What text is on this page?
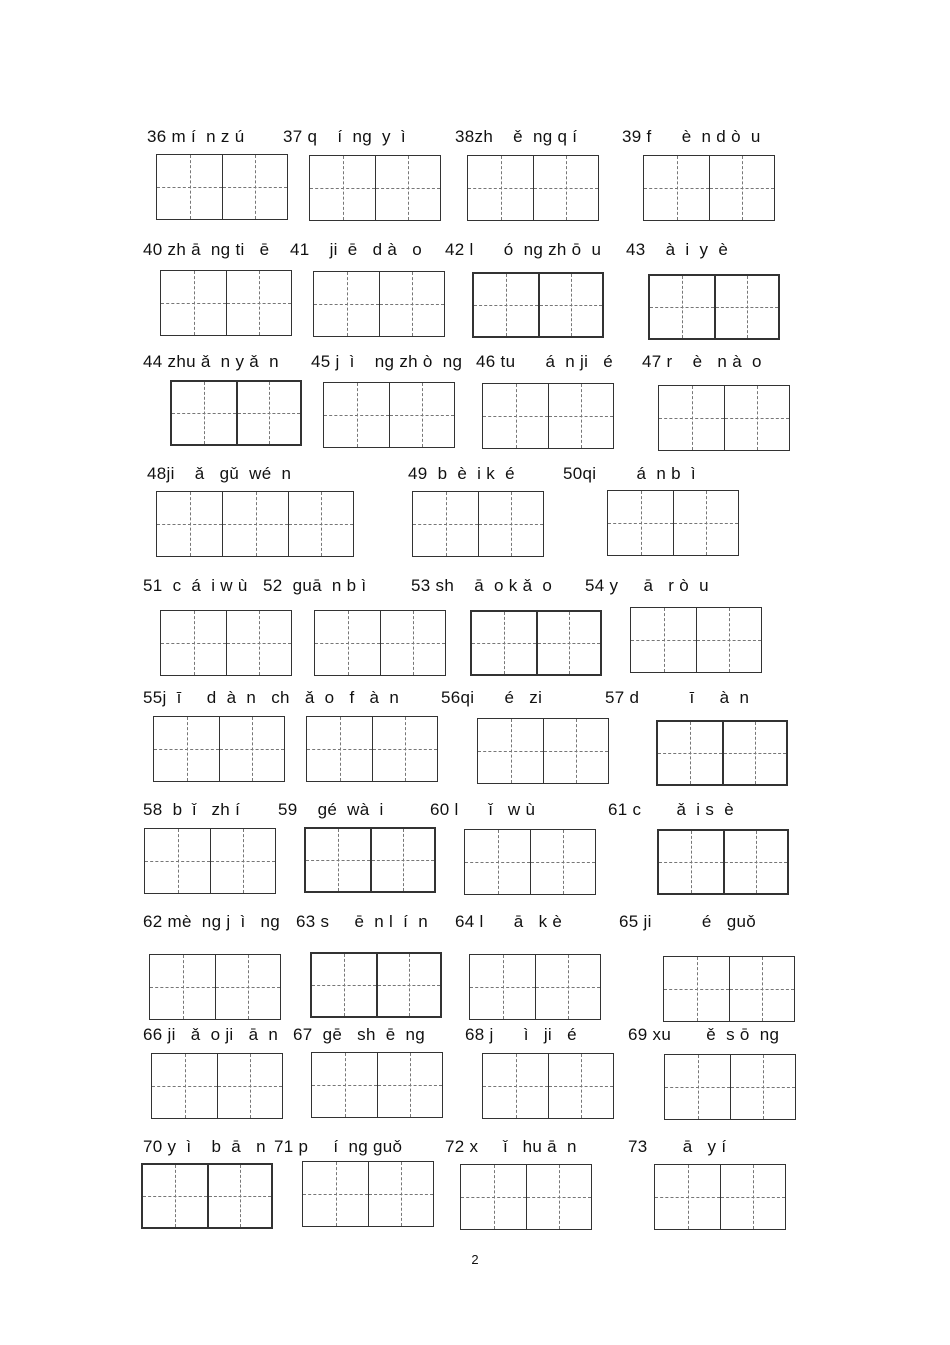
36 m í  n z ú 37 q    í  ng  y  ì	38zh    ě  ng q í	39 f      è  n d ò  u
40 zh ā  ng ti   ē 41 ji  ē   d à   o 42 l      ó  ng zh ō  u 43 à  i  y  è
44 zhu ǎ  n y ǎ  n 45 j  ì    ng zh ò  ng 46 tu      á  n ji   é 47 r    è   n à  o
48ji    ǎ   gǔ  wé  n	49 b  è  i k  é	50qi        á  n b  ì
51 c  á  i w ù 52 guā  n b ì	53 sh    ā  o k ǎ  o 54 y     ā   r ò  u
55j  ī     d  à  n   ch   ǎ  o   f   à  n 56qi      é   zi	57 d          ī     à  n
58 b  ǐ   zh í 59 gé  wà  i	60 l      ǐ   w ù	61 c       ǎ  i s  è
62 mè  ng j  ì   ng 63 s     ē  n l  í  n 64 l      ā   k è	65 ji          é   guǒ
66 ji   ǎ  o ji   ā  n 67 gē   sh  ē  ng 68 j      ì   ji   é	69 xu       ě  s ō  ng
70 y  ì    b  ā   n 71 p     í  ng guǒ	72 x     ǐ   hu ā  n	73 ā   y í
2
